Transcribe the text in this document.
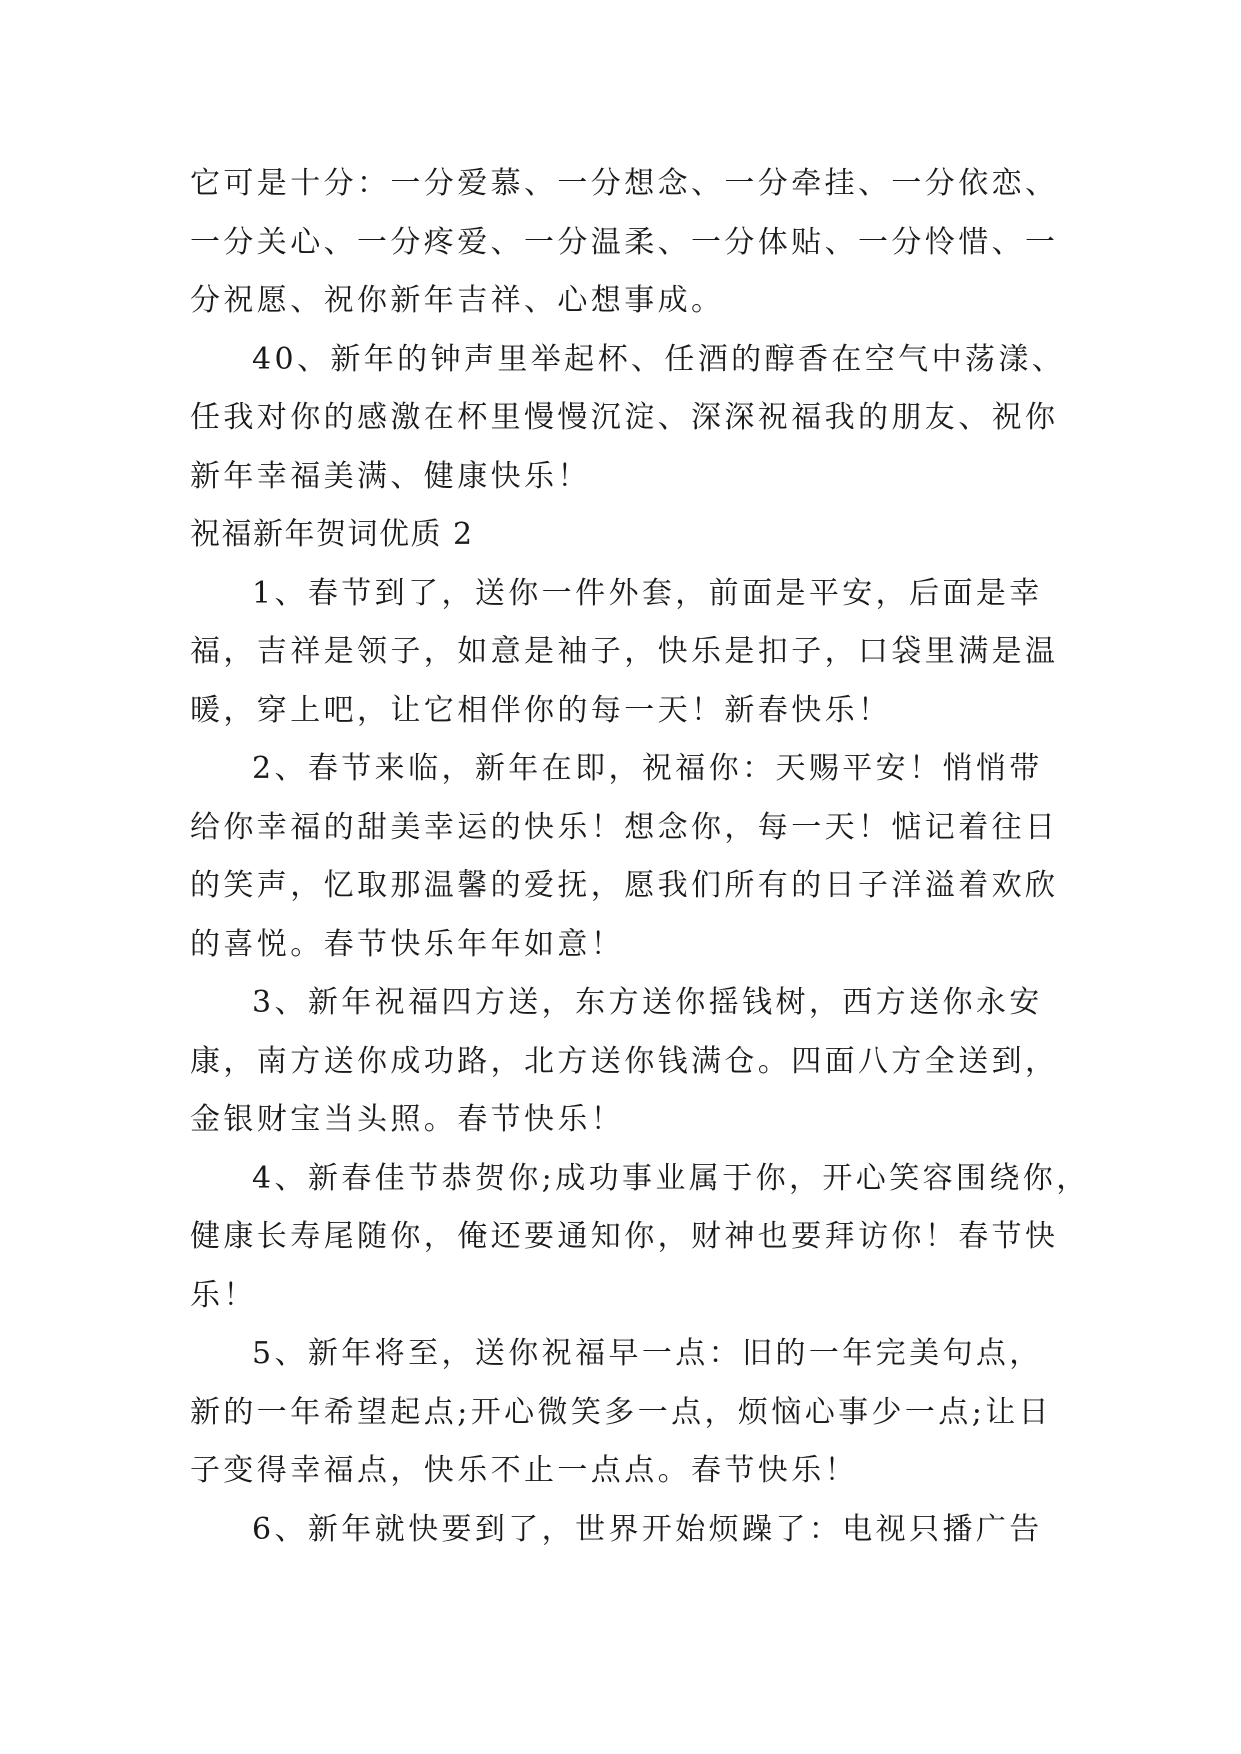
它可是十分：一分爱慕、一分想念、一分牵挂、一分依恋、
一分关心、一分疼爱、一分温柔、一分体贴、一分怜惜、一
分祝愿、祝你新年吉祥、心想事成。
40、新年的钟声里举起杯、任酒的醇香在空气中荡漾、
任我对你的感激在杯里慢慢沉淀、深深祝福我的朋友、祝你
新年幸福美满、健康快乐！
祝福新年贺词优质 2
1、春节到了，送你一件外套，前面是平安，后面是幸
福，吉祥是领子，如意是袖子，快乐是扣子，口袋里满是温
暖，穿上吧，让它相伴你的每一天！新春快乐！
2、春节来临，新年在即，祝福你：天赐平安！悄悄带
给你幸福的甜美幸运的快乐！想念你，每一天！惦记着往日
的笑声，忆取那温馨的爱抚，愿我们所有的日子洋溢着欢欣
的喜悦。春节快乐年年如意！
3、新年祝福四方送，东方送你摇钱树，西方送你永安
康，南方送你成功路，北方送你钱满仓。四面八方全送到，
金银财宝当头照。春节快乐！
4、新春佳节恭贺你;成功事业属于你，开心笑容围绕你，
健康长寿尾随你，俺还要通知你，财神也要拜访你！春节快
乐！
5、新年将至，送你祝福早一点：旧的一年完美句点，
新的一年希望起点;开心微笑多一点，烦恼心事少一点;让日
子变得幸福点，快乐不止一点点。春节快乐！
6、新年就快要到了，世界开始烦躁了：电视只播广告
